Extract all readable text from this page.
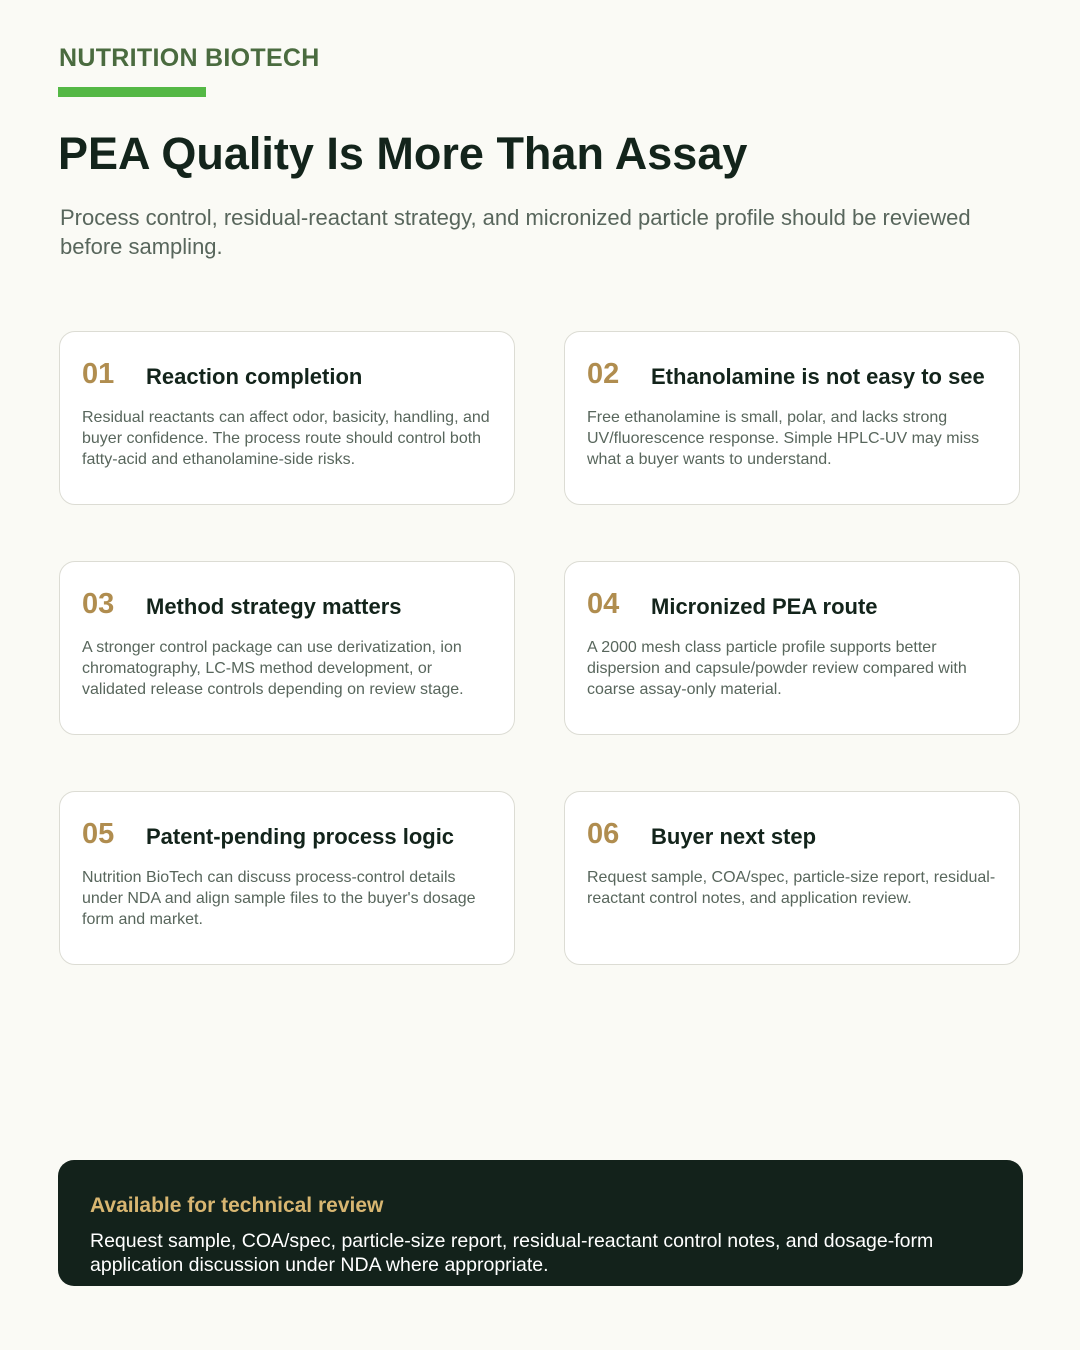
NUTRITION BIOTECH
PEA Quality Is More Than Assay

Process control, residual-reactant strategy, and micronized particle profile should be reviewed before sampling.

01 Reaction completion
Residual reactants can affect odor, basicity, handling, and buyer confidence. The process route should control both fatty-acid and ethanolamine-side risks.
02 Ethanolamine is not easy to see
Free ethanolamine is small, polar, and lacks strong UV/fluorescence response. Simple HPLC-UV may miss what a buyer wants to understand.
03 Method strategy matters
A stronger control package can use derivatization, ion chromatography, LC-MS method development, or validated release controls depending on review stage.
04 Micronized PEA route
A 2000 mesh class particle profile supports better dispersion and capsule/powder review compared with coarse assay-only material.
05 Patent-pending process logic
Nutrition BioTech can discuss process-control details under NDA and align sample files to the buyer's dosage form and market.
06 Buyer next step
Request sample, COA/spec, particle-size report, residual-reactant control notes, and application review.
Available for technical review
Request sample, COA/spec, particle-size report, residual-reactant control notes, and dosage-form application discussion under NDA where appropriate.
